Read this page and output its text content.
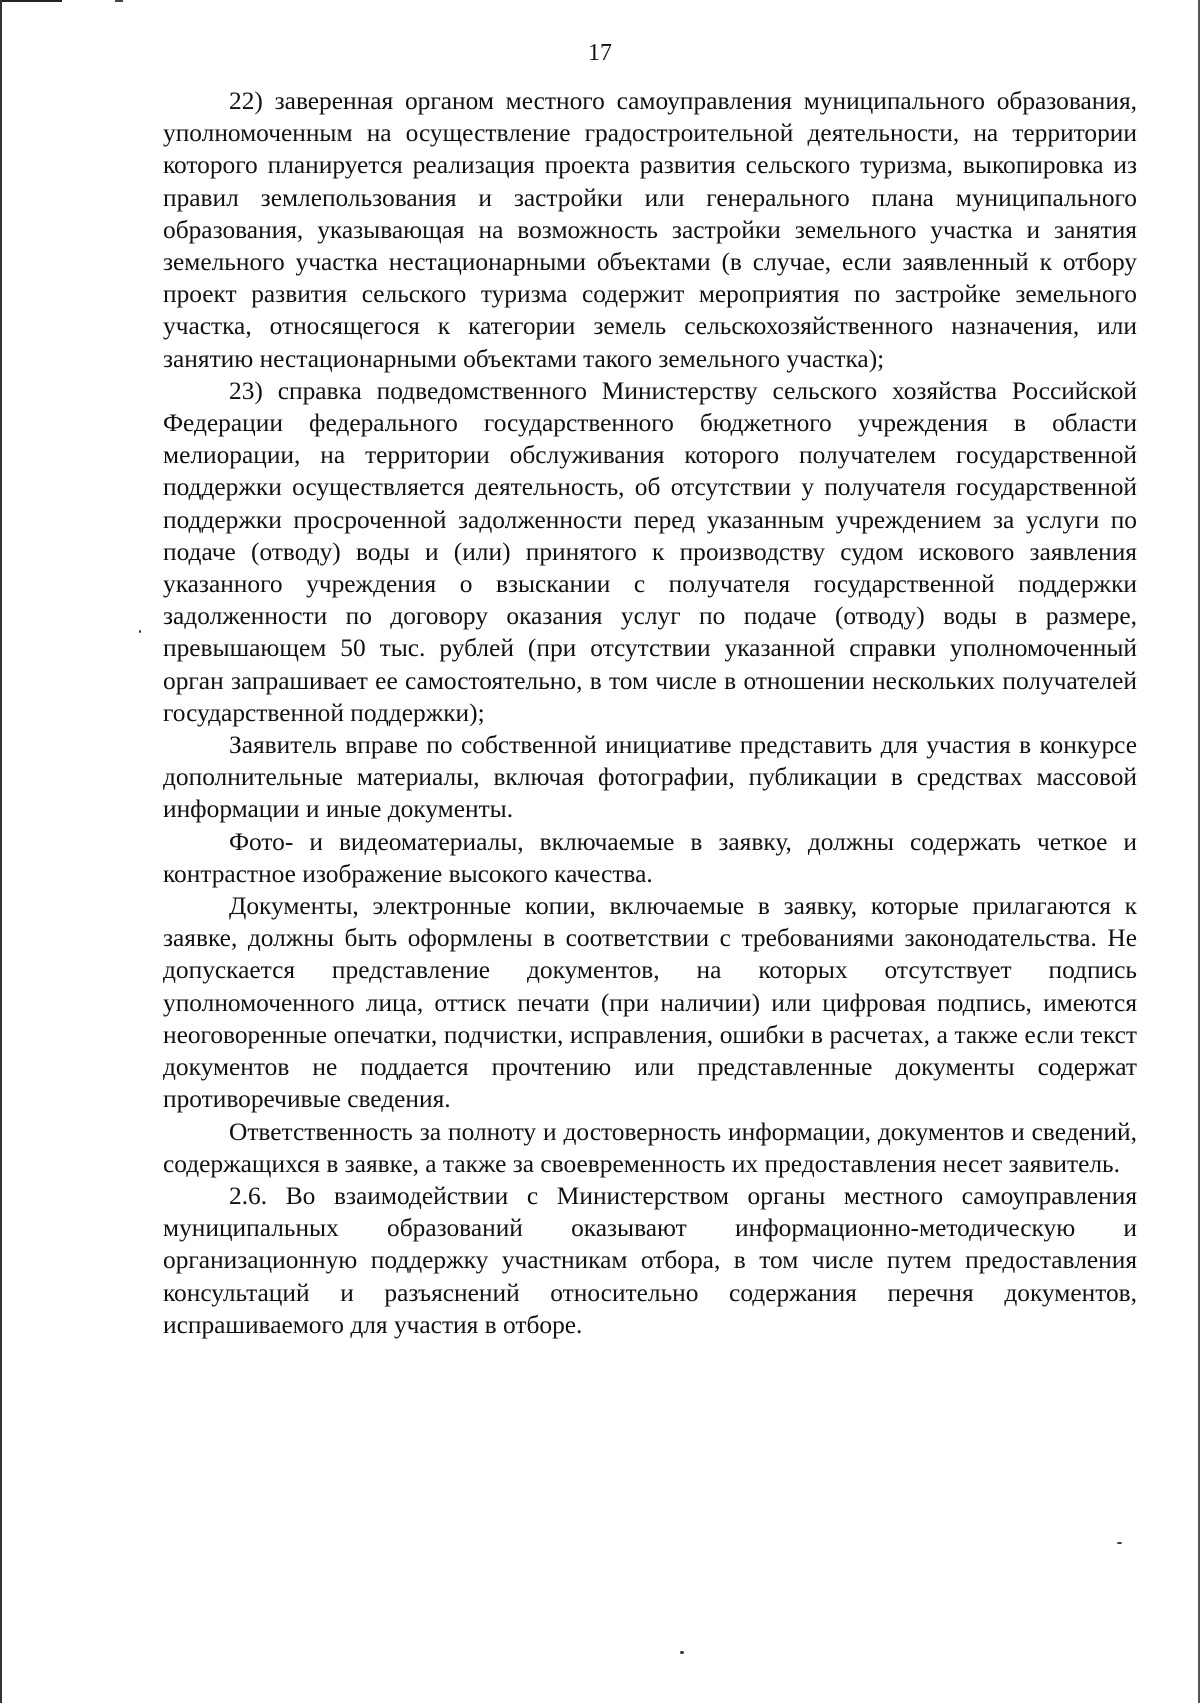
17

22) заверенная органом местного самоуправления муниципального образования, уполномоченным на осуществление градостроительной деятельности, на территории которого планируется реализация проекта развития сельского туризма, выкопировка из правил землепользования и застройки или генерального плана муниципального образования, указывающая на возможность застройки земельного участка и занятия земельного участка нестационарными объектами (в случае, если заявленный к отбору проект развития сельского туризма содержит мероприятия по застройке земельного участка, относящегося к категории земель сельскохозяйственного назначения, или занятию нестационарными объектами такого земельного участка);

23) справка подведомственного Министерству сельского хозяйства Российской Федерации федерального государственного бюджетного учреждения в области мелиорации, на территории обслуживания которого получателем государственной поддержки осуществляется деятельность, об отсутствии у получателя государственной поддержки просроченной задолженности перед указанным учреждением за услуги по подаче (отводу) воды и (или) принятого к производству судом искового заявления указанного учреждения о взыскании с получателя государственной поддержки задолженности по договору оказания услуг по подаче (отводу) воды в размере, превышающем 50 тыс. рублей (при отсутствии указанной справки уполномоченный орган запрашивает ее самостоятельно, в том числе в отношении нескольких получателей государственной поддержки);

Заявитель вправе по собственной инициативе представить для участия в конкурсе дополнительные материалы, включая фотографии, публикации в средствах массовой информации и иные документы.

Фото- и видеоматериалы, включаемые в заявку, должны содержать четкое и контрастное изображение высокого качества.

Документы, электронные копии, включаемые в заявку, которые прилагаются к заявке, должны быть оформлены в соответствии с требованиями законодательства. Не допускается представление документов, на которых отсутствует подпись уполномоченного лица, оттиск печати (при наличии) или цифровая подпись, имеются неоговоренные опечатки, подчистки, исправления, ошибки в расчетах, а также если текст документов не поддается прочтению или представленные документы содержат противоречивые сведения.

Ответственность за полноту и достоверность информации, документов и сведений, содержащихся в заявке, а также за своевременность их предоставления несет заявитель.

2.6. Во взаимодействии с Министерством органы местного самоуправления муниципальных образований оказывают информационно-методическую и организационную поддержку участникам отбора, в том числе путем предоставления консультаций и разъяснений относительно содержания перечня документов, испрашиваемого для участия в отборе.
